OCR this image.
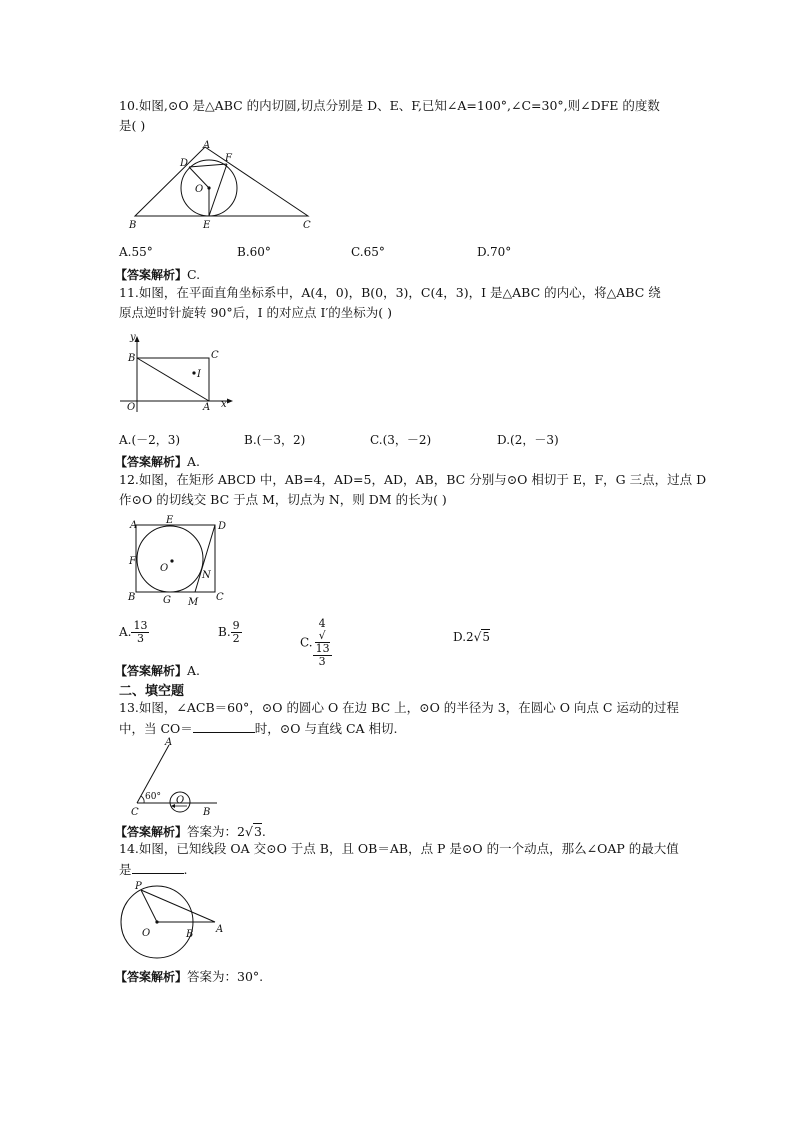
10.如图,⊙O 是△ABC 的内切圆,切点分别是 D、E、F,已知∠A=100°,∠C=30°,则∠DFE 的度数
是( )
A
B	C
D
E
F
O
A.55°	B.60°	C.65°	D.70°
【答案解析】C.
11.如图，在平面直角坐标系中，A(4，0)，B(0，3)，C(4，3)，I 是△ABC 的内心，将△ABC 绕
原点逆时针旋转 90°后，I 的对应点 I′的坐标为( )
y
x
B	C
I
O	A
A.(－2，3)	B.(－3，2)	C.(3，－2)	D.(2，－3)
【答案解析】A.
12.如图，在矩形 ABCD 中，AB=4，AD=5，AD，AB，BC 分别与⊙O 相切于 E，F，G 三点，过点 D
作⊙O 的切线交 BC 于点 M，切点为 N，则 DM 的长为( )
A	E
D
F
O
N
B	G M C
A. $\frac{13}{3}$	B. $\frac{9}{2}$	C. 4
√
13
3	D.2√5
【答案解析】A.
二、填空题
13.如图，∠ACB＝60°，⊙O 的圆心 O 在边 BC 上，⊙O 的半径为 3，在圆心 O 向点 C 运动的过程
中，当 CO＝	时，⊙O 与直线 CA 相切.
A
60°
C
O
B
【答案解析】答案为：2√3.
14.如图，已知线段 OA 交⊙O 于点 B，且 OB＝AB，点 P 是⊙O 的一个动点，那么∠OAP 的最大值
是	.
P
O	B A
【答案解析】答案为：30°.
